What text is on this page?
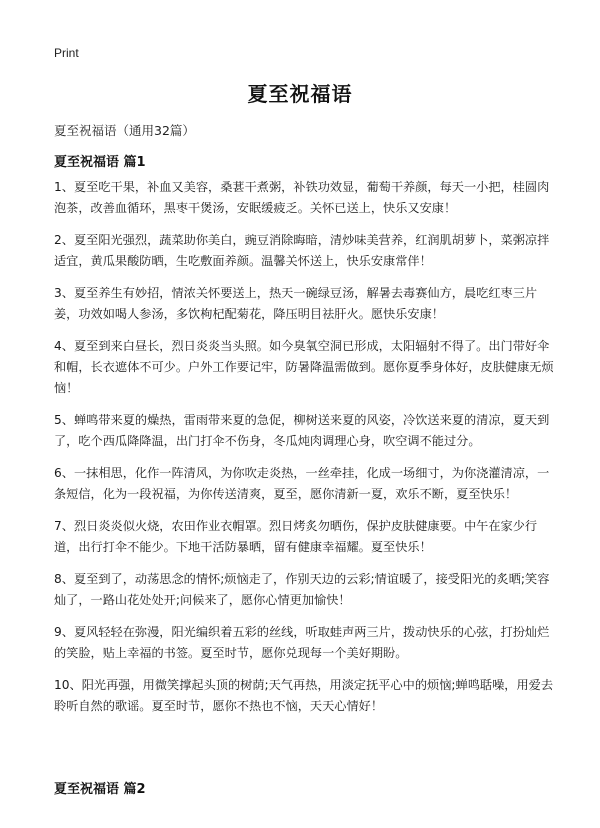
Print
夏至祝福语
夏至祝福语（通用32篇）
夏至祝福语 篇1

1、夏至吃干果，补血又美容，桑葚干煮粥，补铁功效显，葡萄干养颜，每天一小把，桂圆肉泡茶，改善血循环，黑枣干煲汤，安眠缓疲乏。关怀已送上，快乐又安康！

2、夏至阳光强烈，蔬菜助你美白，豌豆消除晦暗，清炒味美营养，红润肌胡萝卜，菜粥凉拌适宜，黄瓜果酸防晒，生吃敷面养颜。温馨关怀送上，快乐安康常伴！

3、夏至养生有妙招，情浓关怀要送上，热天一碗绿豆汤，解暑去毒赛仙方，晨吃红枣三片姜，功效如喝人参汤，多饮枸杞配菊花，降压明目祛肝火。愿快乐安康！

4、夏至到来白昼长，烈日炎炎当头照。如今臭氧空洞已形成，太阳辐射不得了。出门带好伞和帽，长衣遮体不可少。户外工作要记牢，防暑降温需做到。愿你夏季身体好，皮肤健康无烦恼！

5、蝉鸣带来夏的燥热，雷雨带来夏的急促，柳树送来夏的风姿，冷饮送来夏的清凉，夏天到了，吃个西瓜降降温，出门打伞不伤身，冬瓜炖肉调理心身，吹空调不能过分。

6、一抹相思，化作一阵清风，为你吹走炎热，一丝牵挂，化成一场细寸，为你浇灌清凉，一条短信，化为一段祝福，为你传送清爽，夏至，愿你清新一夏，欢乐不断，夏至快乐！

7、烈日炎炎似火烧，农田作业衣帽罩。烈日烤炙勿晒伤，保护皮肤健康要。中午在家少行道，出行打伞不能少。下地干活防暴晒，留有健康幸福耀。夏至快乐！

8、夏至到了，动荡思念的情怀;烦恼走了，作别天边的云彩;情谊暖了，接受阳光的炙晒;笑容灿了，一路山花处处开;问候来了，愿你心情更加愉快！

9、夏风轻轻在弥漫，阳光编织着五彩的丝线，听取蛙声两三片，拨动快乐的心弦，打扮灿烂的笑脸，贴上幸福的书签。夏至时节，愿你兑现每一个美好期盼。

10、阳光再强，用微笑撑起头顶的树荫;天气再热，用淡定抚平心中的烦恼;蝉鸣聒噪，用爱去聆听自然的歌谣。夏至时节，愿你不热也不恼，天天心情好！

夏至祝福语 篇2
